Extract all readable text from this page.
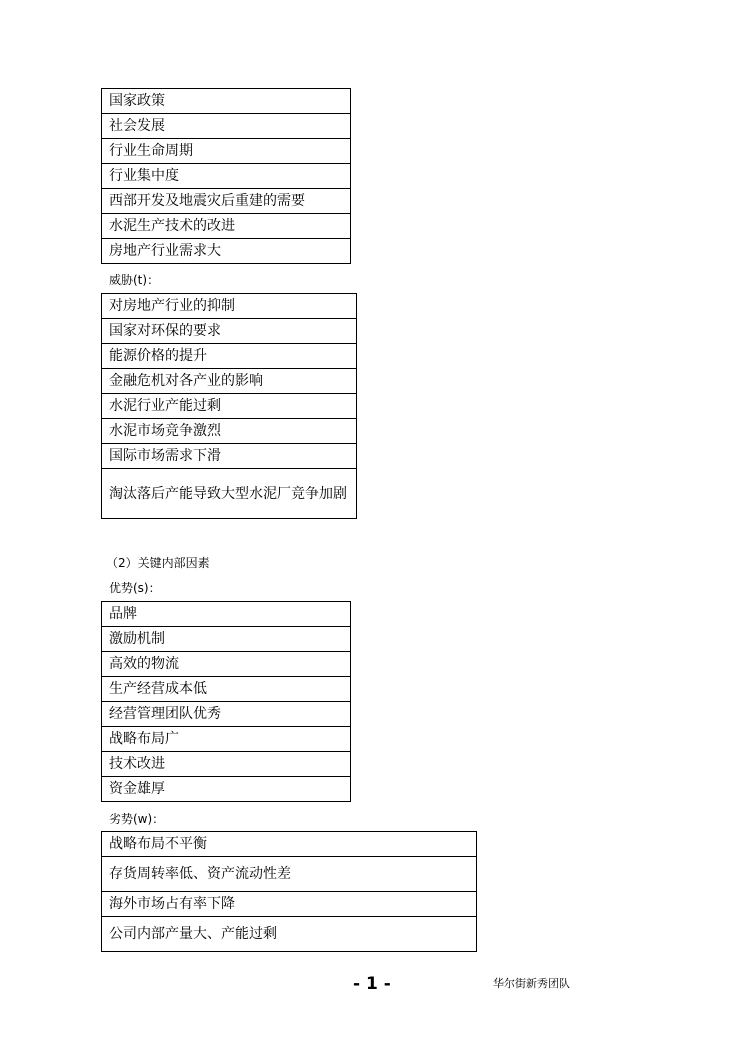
国家政策
社会发展
行业生命周期
行业集中度
西部开发及地震灾后重建的需要
水泥生产技术的改进
房地产行业需求大
威胁(t)：
对房地产行业的抑制
国家对环保的要求
能源价格的提升
金融危机对各产业的影响
水泥行业产能过剩
水泥市场竞争激烈
国际市场需求下滑
淘汰落后产能导致大型水泥厂竞争加剧
（2）关键内部因素
优势(s)：
品牌
激励机制
高效的物流
生产经营成本低
经营管理团队优秀
战略布局广
技术改进
资金雄厚
劣势(w)：
战略布局不平衡
存货周转率低、资产流动性差
海外市场占有率下降
公司内部产量大、产能过剩
- 1 -	华尔街新秀团队
